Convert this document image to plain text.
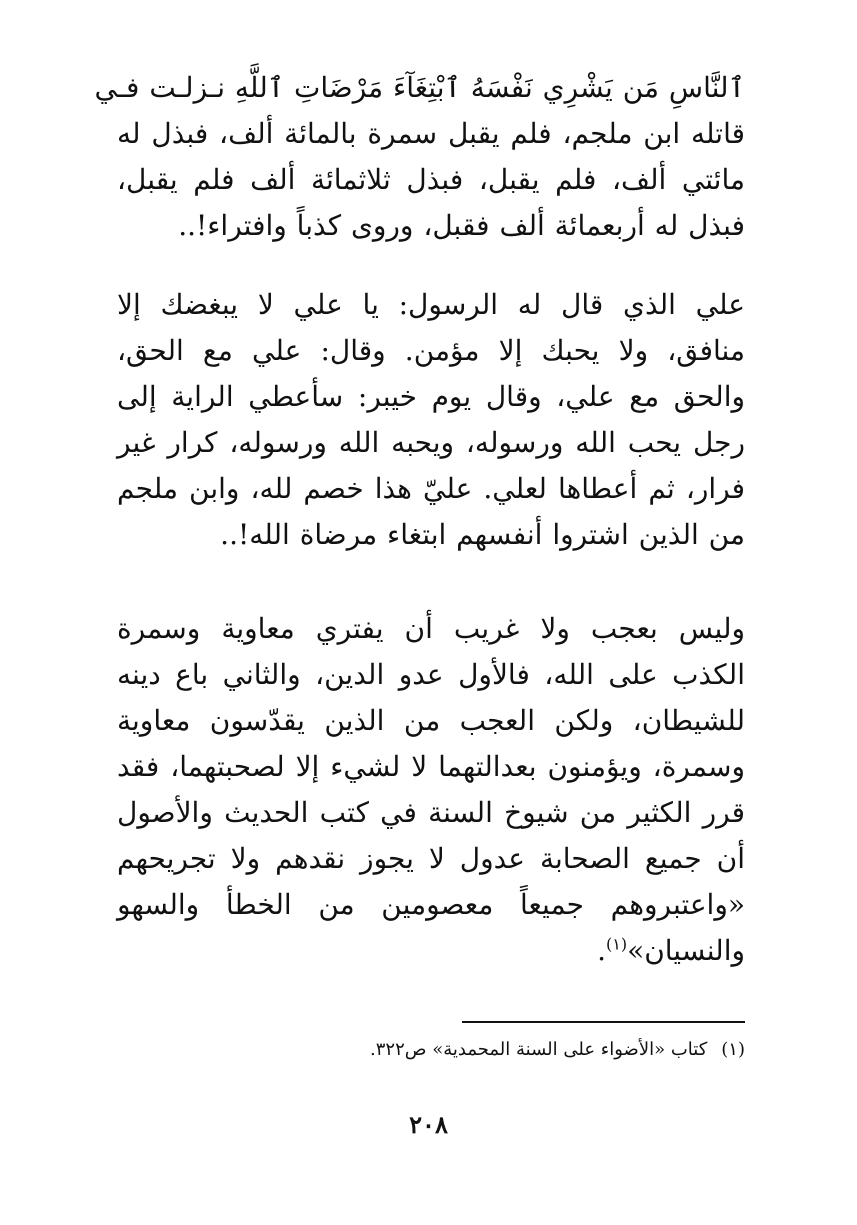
ٱلنَّاسِ مَن يَشْرِي نَفْسَهُ ٱبْتِغَآءَ مَرْضَاتِ ٱللَّهِ نـزلـت فـي
قاتله ابن ملجم، فلم يقبل سمرة بالمائة ألف، فبذل له
مائتي ألف، فلم يقبل، فبذل ثلاثمائة ألف فلم يقبل،
فبذل له أربعمائة ألف فقبل، وروى كذباً وافتراء!..
علي الذي قال له الرسول: يا علي لا يبغضك إلا
منافق، ولا يحبك إلا مؤمن. وقال: علي مع الحق،
والحق مع علي، وقال يوم خيبر: سأعطي الراية إلى
رجل يحب الله ورسوله، ويحبه الله ورسوله، كرار غير
فرار، ثم أعطاها لعلي. عليّ هذا خصم لله، وابن ملجم
من الذين اشتروا أنفسهم ابتغاء مرضاة الله!..
وليس بعجب ولا غريب أن يفتري معاوية وسمرة
الكذب على الله، فالأول عدو الدين، والثاني باع دينه
للشيطان، ولكن العجب من الذين يقدّسون معاوية
وسمرة، ويؤمنون بعدالتهما لا لشيء إلا لصحبتهما، فقد
قرر الكثير من شيوخ السنة في كتب الحديث والأصول
أن جميع الصحابة عدول لا يجوز نقدهم ولا تجريحهم
«واعتبروهم جميعاً معصومين من الخطأ والسهو
والنسيان»$^{(١)}$.
(١)كتاب «الأضواء على السنة المحمدية» ص٣٢٢.
٢٠٨
